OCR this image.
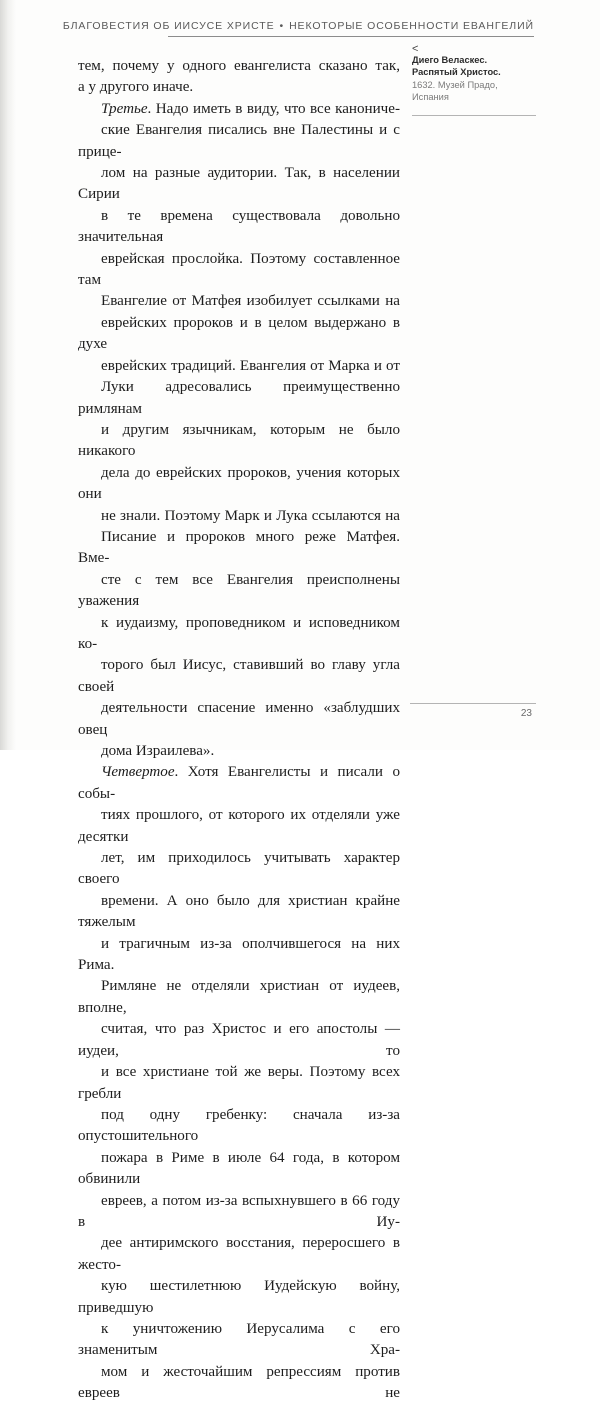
БЛАГОВЕСТИЯ ОБ ИИСУСЕ ХРИСТЕ • НЕКОТОРЫЕ ОСОБЕННОСТИ ЕВАНГЕЛИЙ
<
Диего Веласкес.
Распятый Христос.
1632. Музей Прадо,
Испания

тем, почему у одного евангелиста сказано так,
а у другого иначе.

Третье. Надо иметь в виду, что все канониче-
ские Евангелия писались вне Палестины и с прице-
лом на разные аудитории. Так, в населении Сирии
в те времена существовала довольно значительная
еврейская прослойка. Поэтому составленное там
Евангелие от Матфея изобилует ссылками на
еврейских пророков и в целом выдержано в духе
еврейских традиций. Евангелия от Марка и от
Луки адресовались преимущественно римлянам
и другим язычникам, которым не было никакого
дела до еврейских пророков, учения которых они
не знали. Поэтому Марк и Лука ссылаются на
Писание и пророков много реже Матфея. Вме-
сте с тем все Евангелия преисполнены уважения
к иудаизму, проповедником и исповедником ко-
торого был Иисус, ставивший во главу угла своей
деятельности спасение именно «заблудших овец
дома Израилева».

Четвертое. Хотя Евангелисты и писали о собы-
тиях прошлого, от которого их отделяли уже десятки
лет, им приходилось учитывать характер своего
времени. А оно было для христиан крайне тяжелым
и трагичным из-за ополчившегося на них Рима.
Римляне не отделяли христиан от иудеев, вполне,
считая, что раз Христос и его апостолы — иудеи, то
и все христиане той же веры. Поэтому всех гребли
под одну гребенку: сначала из-за опустошительного
пожара в Риме в июле 64 года, в котором обвинили
евреев, а потом из-за вспыхнувшего в 66 году в Иу-
дее антиримского восстания, переросшего в жесто-
кую шестилетнюю Иудейскую войну, приведшую
к уничтожению Иерусалима с его знаменитым Хра-
мом и жесточайшим репрессиям против евреев не

23
